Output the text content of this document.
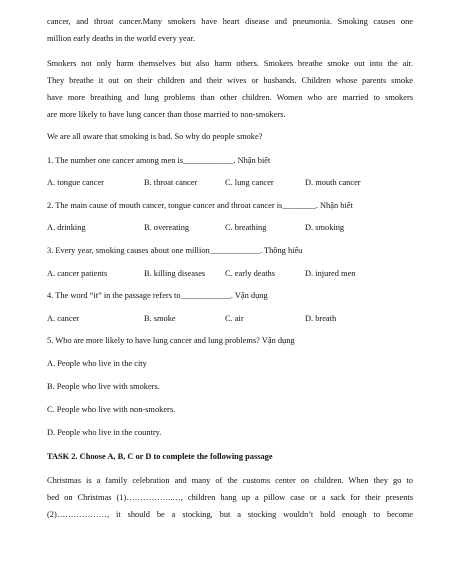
cancer, and throat cancer.Many smokers have heart disease and pneumonia. Smoking causes one
million early deaths in the world every year.
Smokers not only harm themselves but also harm others. Smokers breathe smoke out into the air.
They breathe it out on their children and their wives or husbands. Children whose parents smoke
have more breathing and lung problems than other children. Women who are married to smokers
are more likely to have lung cancer than those married to non-smokers.
We are all aware that smoking is bad. So why do people smoke?
1. The number one cancer among men is____________. Nhận biết
A. tongue cancer	B. throat cancer	C. lung cancer	D. mouth cancer
2. The main cause of mouth cancer, tongue cancer and throat cancer is________. Nhận biết
A. drinking	B. overeating	C. breathing	D. smoking
3. Every year, smoking causes about one million____________. Thông hiểu
A. cancer patients	B. killing diseases C. early deaths	D. injured men
4. The word “it” in the passage refers to____________. Vận dụng
A. cancer	B. smoke	C. air	D. breath
5. Who are more likely to have lung cancer and lung problems? Vận dụng
A. People who live in the city
B. People who live with smokers.
C. People who live with non-smokers.
D. People who live in the country.
TASK 2. Choose A, B, C or D to complete the following passage
Christmas is a family celebration and many of the customs center on children. When they go to
bed on Christmas (1)……………..…, children hang up a pillow case or a sack for their presents
(2)………………, it should be a stocking, but a stocking wouldn’t hold enough to become
